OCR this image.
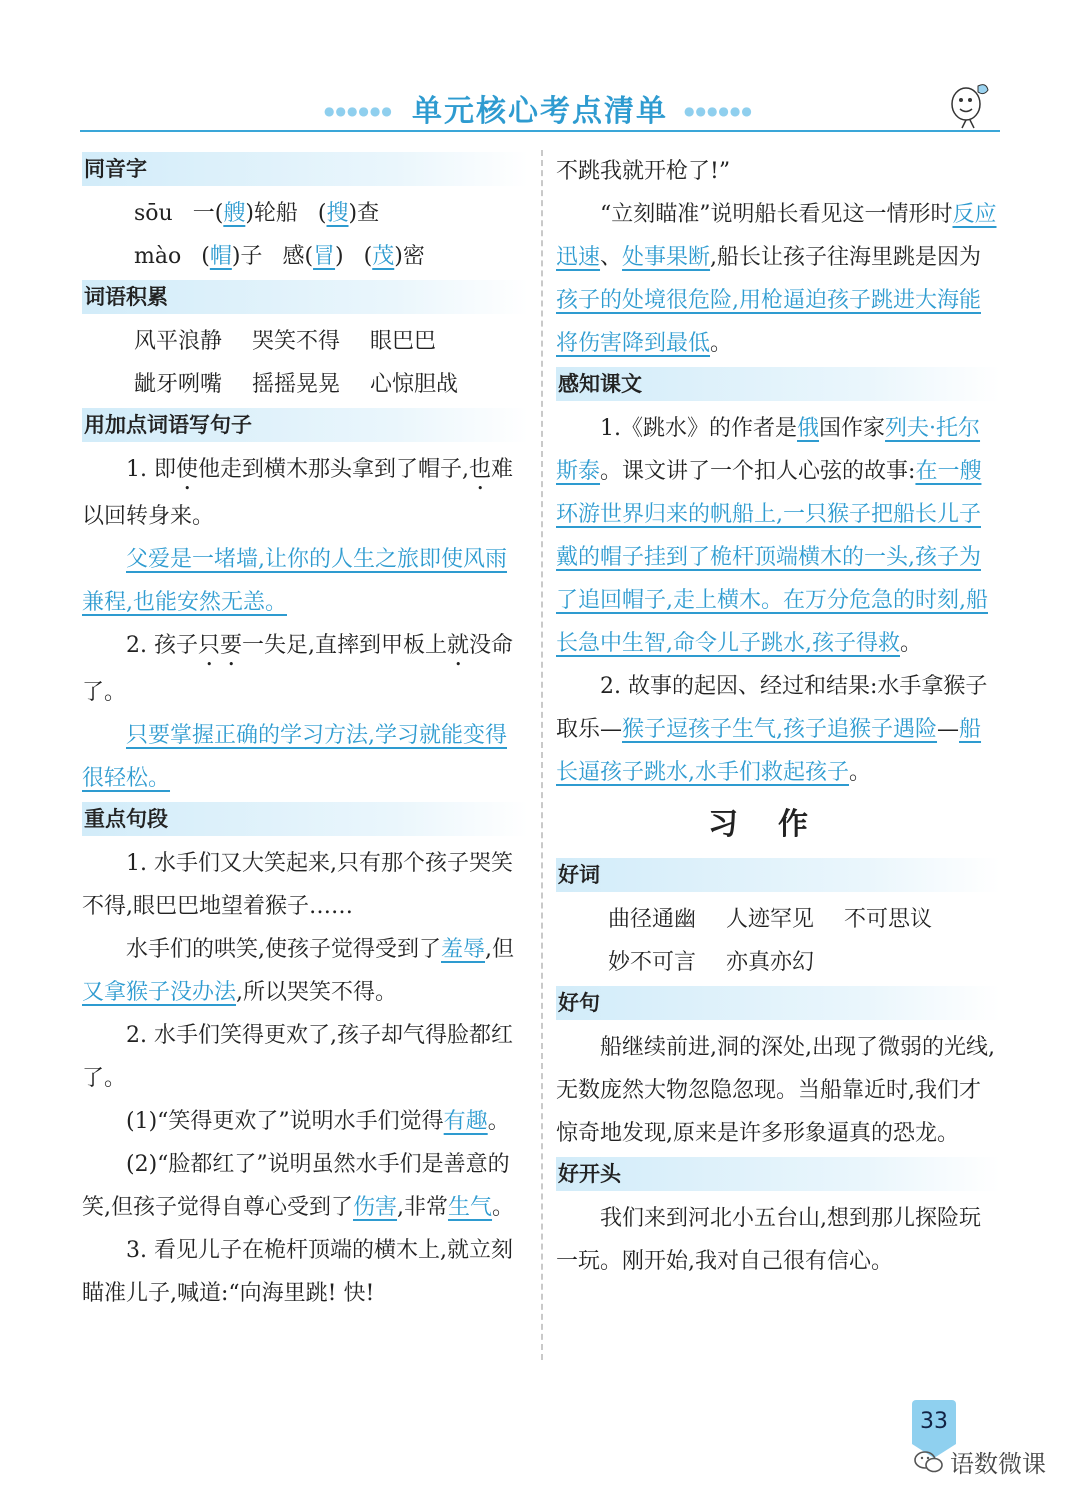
●●●●●● 单元核心考点清单	●●●●●●
同音字

sōu 一(艘)轮船 (搜)查

mào (帽)子 感(冒) (茂)密

词语积累

风平浪静 哭笑不得 眼巴巴

龇牙咧嘴 摇摇晃晃 心惊胆战

用加点词语写句子

1. 即使他走到横木那头拿到了帽子,也难以回转身来。

父爱是一堵墙,让你的人生之旅即使风雨兼程,也能安然无恙。

2. 孩子只要一失足,直摔到甲板上就没命了。

只要掌握正确的学习方法,学习就能变得很轻松。

重点句段

1. 水手们又大笑起来,只有那个孩子哭笑不得,眼巴巴地望着猴子……

水手们的哄笑,使孩子觉得受到了羞辱,但又拿猴子没办法,所以哭笑不得。

2. 水手们笑得更欢了,孩子却气得脸都红了。

(1)“笑得更欢了”说明水手们觉得有趣。

(2)“脸都红了”说明虽然水手们是善意的笑,但孩子觉得自尊心受到了伤害,非常生气。

3. 看见儿子在桅杆顶端的横木上,就立刻瞄准儿子,喊道:“向海里跳! 快!

不跳我就开枪了!”

“立刻瞄准”说明船长看见这一情形时反应迅速、处事果断,船长让孩子往海里跳是因为孩子的处境很危险,用枪逼迫孩子跳进大海能将伤害降到最低。

感知课文

1.《跳水》的作者是俄国作家列夫·托尔斯泰。课文讲了一个扣人心弦的故事:在一艘环游世界归来的帆船上,一只猴子把船长儿子戴的帽子挂到了桅杆顶端横木的一头,孩子为了追回帽子,走上横木。在万分危急的时刻,船长急中生智,命令儿子跳水,孩子得救。

2. 故事的起因、经过和结果:水手拿猴子取乐—猴子逗孩子生气,孩子追猴子遇险—船长逼孩子跳水,水手们救起孩子。

习作
好词

曲径通幽 人迹罕见 不可思议

妙不可言 亦真亦幻

好句

船继续前进,洞的深处,出现了微弱的光线,无数庞然大物忽隐忽现。当船靠近时,我们才惊奇地发现,原来是许多形象逼真的恐龙。

好开头

我们来到河北小五台山,想到那儿探险玩一玩。刚开始,我对自己很有信心。

33
语数微课
